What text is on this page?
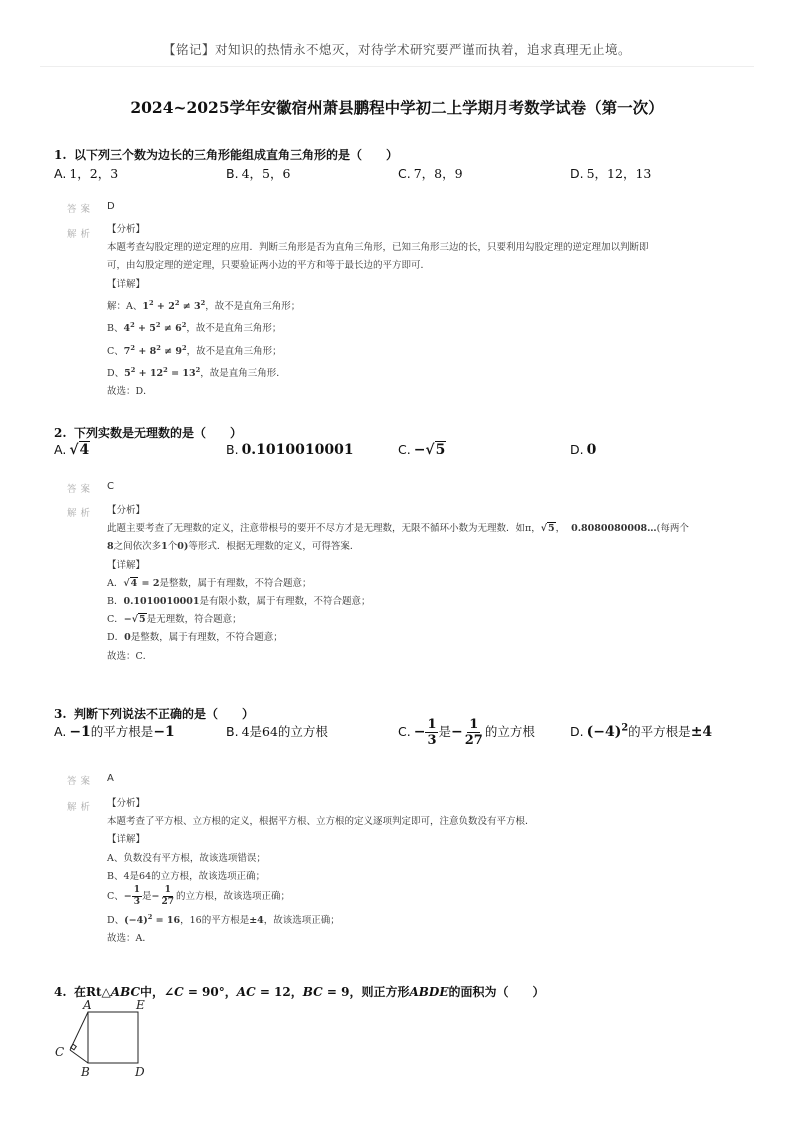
【铭记】对知识的热情永不熄灭，对待学术研究要严谨而执着，追求真理无止境。
2024~2025学年安徽宿州萧县鹏程中学初二上学期月考数学试卷（第一次）
1. 以下列三个数为边长的三角形能组成直角三角形的是（　　）
A. 1，2，3	B. 4，5，6	C. 7，8，9	D. 5，12，13
答案 D
解析 【分析】
本题考查勾股定理的逆定理的应用．判断三角形是否为直角三角形，已知三角形三边的长，只要利用勾股定理的逆定理加以判断即
可，由勾股定理的逆定理，只要验证两小边的平方和等于最长边的平方即可．
【详解】
解：A、$1^2 + 2^2 \ne 3^2$，故不是直角三角形；
B、$4^2 + 5^2 \ne 6^2$，故不是直角三角形；
C、$7^2 + 8^2 \ne 9^2$，故不是直角三角形；
D、$5^2 + 12^2 = 13^2$，故是直角三角形．
故选：D．
2. 下列实数是无理数的是（　　）
A. √4	B. 0.1010010001	C. −√5	D. 0
答案 C
解析 【分析】
此题主要考查了无理数的定义，注意带根号的要开不尽方才是无理数，无限不循环小数为无理数．如π，√5， 0.8080080008…(每两个
8之间依次多1个0)等形式．根据无理数的定义，可得答案．
【详解】
A．√4 = 2是整数，属于有理数，不符合题意；
B．0.1010010001是有限小数，属于有理数，不符合题意；
C．−√5是无理数，符合题意；
D．0是整数，属于有理数，不符合题意；
故选：C．
3. 判断下列说法不正确的是（　　）
A. −1的平方根是−1	B. 4是64的立方根	C. − $\frac{1}{3}$ 是− $\frac{1}{27}$ 的立方根	D. $(-4)^2$的平方根是±4
答案 A
解析 【分析】
本题考查了平方根、立方根的定义，根据平方根、立方根的定义逐项判定即可，注意负数没有平方根．
【详解】
A、负数没有平方根，故该选项错误；
B、4是64的立方根，故该选项正确；
C、− $\frac{1}{3}$ 是− $\frac{1}{27}$ 的立方根，故该选项正确；
D、$(-4)^2 = 16$，16的平方根是±4，故该选项正确；
故选：A．
4. 在Rt△ABC中，∠C = 90°，AC = 12，BC = 9，则正方形ABDE的面积为（　　）
A	E
C
B	D
